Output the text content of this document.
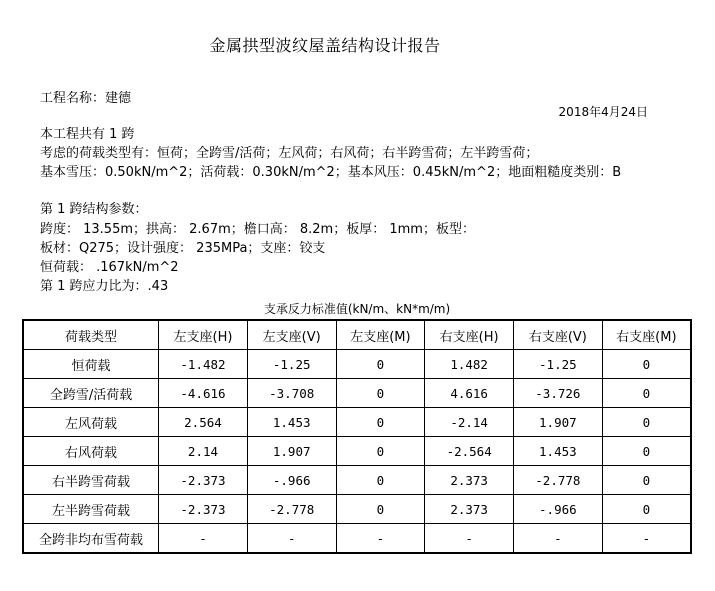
金属拱型波纹屋盖结构设计报告
工程名称：建德
2018年4月24日
本工程共有 1 跨
考虑的荷载类型有：恒荷；全跨雪/活荷；左风荷；右风荷；右半跨雪荷；左半跨雪荷；
基本雪压：0.50kN/m^2；活荷载：0.30kN/m^2；基本风压：0.45kN/m^2；地面粗糙度类别：B
第 1 跨结构参数：
跨度： 13.55m；拱高： 2.67m；檐口高： 8.2m；板厚： 1mm；板型：
板材：Q275；设计强度： 235MPa；支座：铰支
恒荷载： .167kN/m^2
第 1 跨应力比为：.43
支承反力标准值(kN/m、kN*m/m)
荷载类型	左支座(H)	左支座(V)	左支座(M)	右支座(H)	右支座(V)	右支座(M)
恒荷载	-1.482	-1.25	0	1.482	-1.25	0
全跨雪/活荷载	-4.616	-3.708	0	4.616	-3.726	0
左风荷载	2.564	1.453	0	-2.14	1.907	0
右风荷载	2.14	1.907	0	-2.564	1.453	0
右半跨雪荷载	-2.373	-.966	0	2.373	-2.778	0
左半跨雪荷载	-2.373	-2.778	0	2.373	-.966	0
全跨非均布雪荷载	-	-	-	-	-	-
